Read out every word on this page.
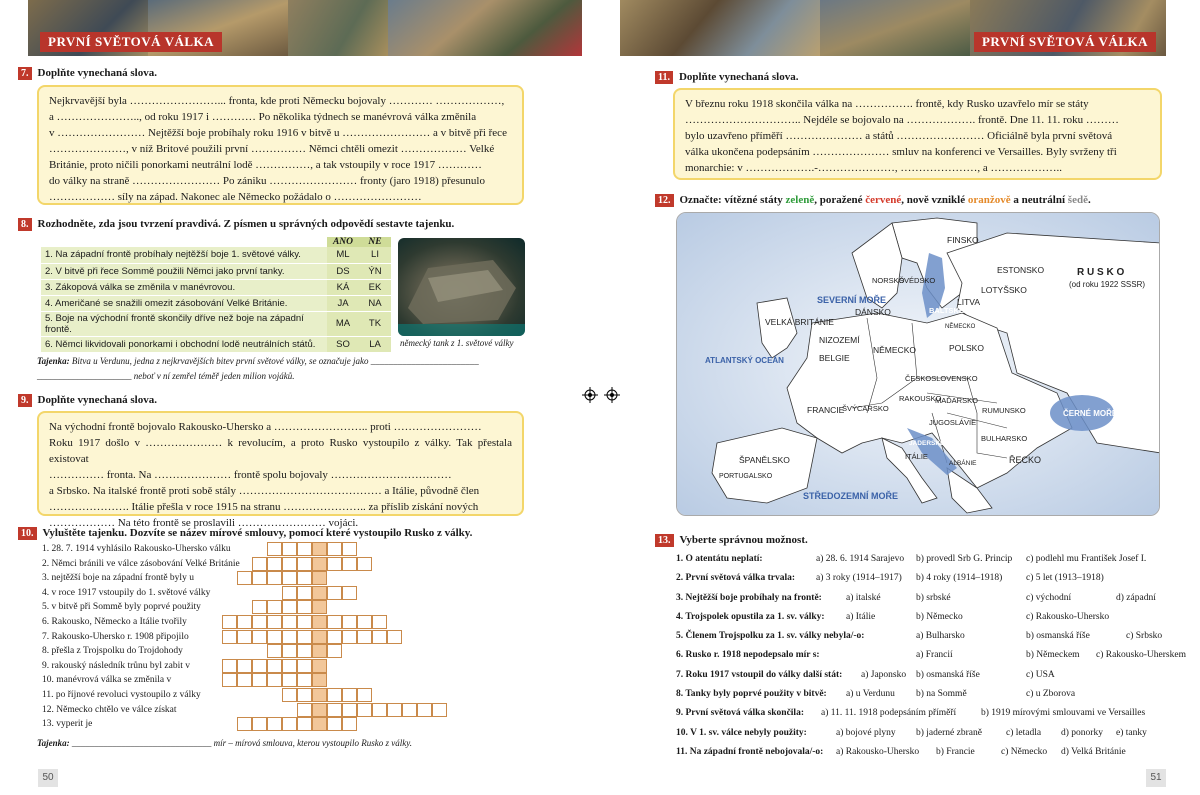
PRVNÍ SVĚTOVÁ VÁLKA
7. Doplňte vynechaná slova.
Nejkrvavější byla ……………………... fronta, kde proti Německu bojovaly ………… ………………,
a ………………….., od roku 1917 i ………… Po několika týdnech se manévrová válka změnila
v …………………… Nejtěžší boje probíhaly roku 1916 v bitvě u …………………… a v bitvě při řece
…………………, v níž Britové použili první …………… Němci chtěli omezit ……………… Velké
Británie, proto ničili ponorkami neutrální lodě ……………, a tak vstoupily v roce 1917 …………
do války na straně …………………… Po zániku …………………… fronty (jaro 1918) přesunulo
……………… síly na západ. Nakonec ale Německo požádalo o ……………………
8. Rozhodněte, zda jsou tvrzení pravdivá. Z písmen u správných odpovědí sestavte tajenku.
	ANO	NE
1. Na západní frontě probíhaly nejtěžší boje 1. světové války.	ML	LI
2. V bitvě při řece Sommě použili Němci jako první tanky.	DS	ÝN
3. Zákopová válka se změnila v manévrovou.	KÁ	EK
4. Američané se snažili omezit zásobování Velké Británie.	JA	NA
5. Boje na východní frontě skončily dříve než boje na západní frontě.	MA	TK
6. Němci likvidovali ponorkami i obchodní lodě neutrálních států.	SO	LA německý tank z 1. světové války
Tajenka: Bitva u Verdunu, jedna z nejkrvavějších bitev první světové války, se označuje jako ________________________
_____________________ neboť v ní zemřel téměř jeden milion vojáků.
9. Doplňte vynechaná slova.
Na východní frontě bojovalo Rakousko-Uhersko a …………………….. proti ……………………
Roku 1917 došlo v ………………… k revolucím, a proto Rusko vystoupilo z války. Tak přestala existovat
…………… fronta. Na ………………… frontě spolu bojovaly ……………………………
a Srbsko. Na italské frontě proti sobě stály ………………………………… a Itálie, původně člen
…………………. Itálie přešla v roce 1915 na stranu ………………….. za příslib získání nových
……………… Na této frontě se proslavili …………………… vojáci.
10. Vyluštěte tajenku. Dozvíte se název mírové smlouvy, pomocí které vystoupilo Rusko z války.
1. 28. 7. 1914 vyhlásilo Rakousko-Uhersko válku
2. Němci bránili ve válce zásobování Velké Británie
3. nejtěžší boje na západní frontě byly u
4. v roce 1917 vstoupily do 1. světové války
5. v bitvě při Sommě byly poprvé použity
6. Rakousko, Německo a Itálie tvořily
7. Rakousko-Uhersko r. 1908 připojilo
8. přešla z Trojspolku do Trojdohody
9. rakouský následník trůnu byl zabit v
10. manévrová válka se změnila v
11. po říjnové revoluci vystoupilo z války
12. Německo chtělo ve válce získat
13. vyperit je
Tajenka: _______________________________ mír – mírová smlouva, kterou vystoupilo Rusko z války.
50
PRVNÍ SVĚTOVÁ VÁLKA
11. Doplňte vynechaná slova.
V březnu roku 1918 skončila válka na ……………. frontě, kdy Rusko uzavřelo mír se státy
………………………….. Nejdéle se bojovalo na ………………. frontě. Dne 11. 11. roku ………
bylo uzavřeno příměří ………………… a států …………………… Oficiálně byla první světová
válka ukončena podepsáním ………………… smluv na konferenci ve Versailles. Byly svrženy tři
monarchie: v ……………….-…………………, …………………, a ………………..
12. Označte: vítězné státy zeleně, poražené červené, nově vzniklé oranžově a neutrální šedě.
13. Vyberte správnou možnost.
1. O atentátu neplatí:	a) 28. 6. 1914 Sarajevo b) provedl Srb G. Princip c) podlehl mu František Josef I.
2. První světová válka trvala: a) 3 roky (1914–1917) b) 4 roky (1914–1918) c) 5 let (1913–1918)
3. Nejtěžší boje probíhaly na frontě:	a) italské	b) srbské	c) východní	d) západní
4. Trojspolek opustila za 1. sv. války: a) Itálie	b) Německo	c) Rakousko-Uhersko
5. Členem Trojspolku za 1. sv. války nebyla/-o:	a) Bulharsko	b) osmanská říše	c) Srbsko
6. Rusko r. 1918 nepodepsalo mír s:	a) Francií	b) Německem c) Rakousko-Uherskem
7. Roku 1917 vstoupil do války další stát: a) Japonsko b) osmanská říše	c) USA
8. Tanky byly poprvé použity v bitvě: a) u Verdunu b) na Sommě	c) u Zborova
9. První světová válka skončila: a) 11. 11. 1918 podepsáním příměří	b) 1919 mírovými smlouvami ve Versailles
10. V 1. sv. válce nebyly použity:	a) bojové plyny b) jaderné zbraně	c) letadla d) ponorky e) tanky
11. Na západní frontě nebojovala/-o: a) Rakousko-Uhersko b) Francie	c) Německo d) Velká Británie
51
FINSKO
ESTONSKO
LOTYŠSKO
LITVA
R U S K O
(od roku 1922 SSSR)
VELKÁ BRITÁNIE
DÁNSKO
NIZOZEMÍ
BELGIE
NĚMECKO	POLSKO
NĚMECKO
FRANCIE
ŠVÝCARSKO
ČESKOSLOVENSKO
RAKOUSKO
MAĎARSKO
RUMUNSKO
JUGOSLÁVIE
BULHARSKO
ITÁLIE
ALBÁNIE
ŠPANĚLSKO	ŘECKO
NORSKO
ŠVÉDSKO
PORTUGALSKO
SEVERNÍ MOŘE
BALTSKÉ MOŘE
ATLANTSKÝ OCEÁN
ČERNÉ MOŘE
JADERSKÉ MOŘE
STŘEDOZEMNÍ MOŘE
